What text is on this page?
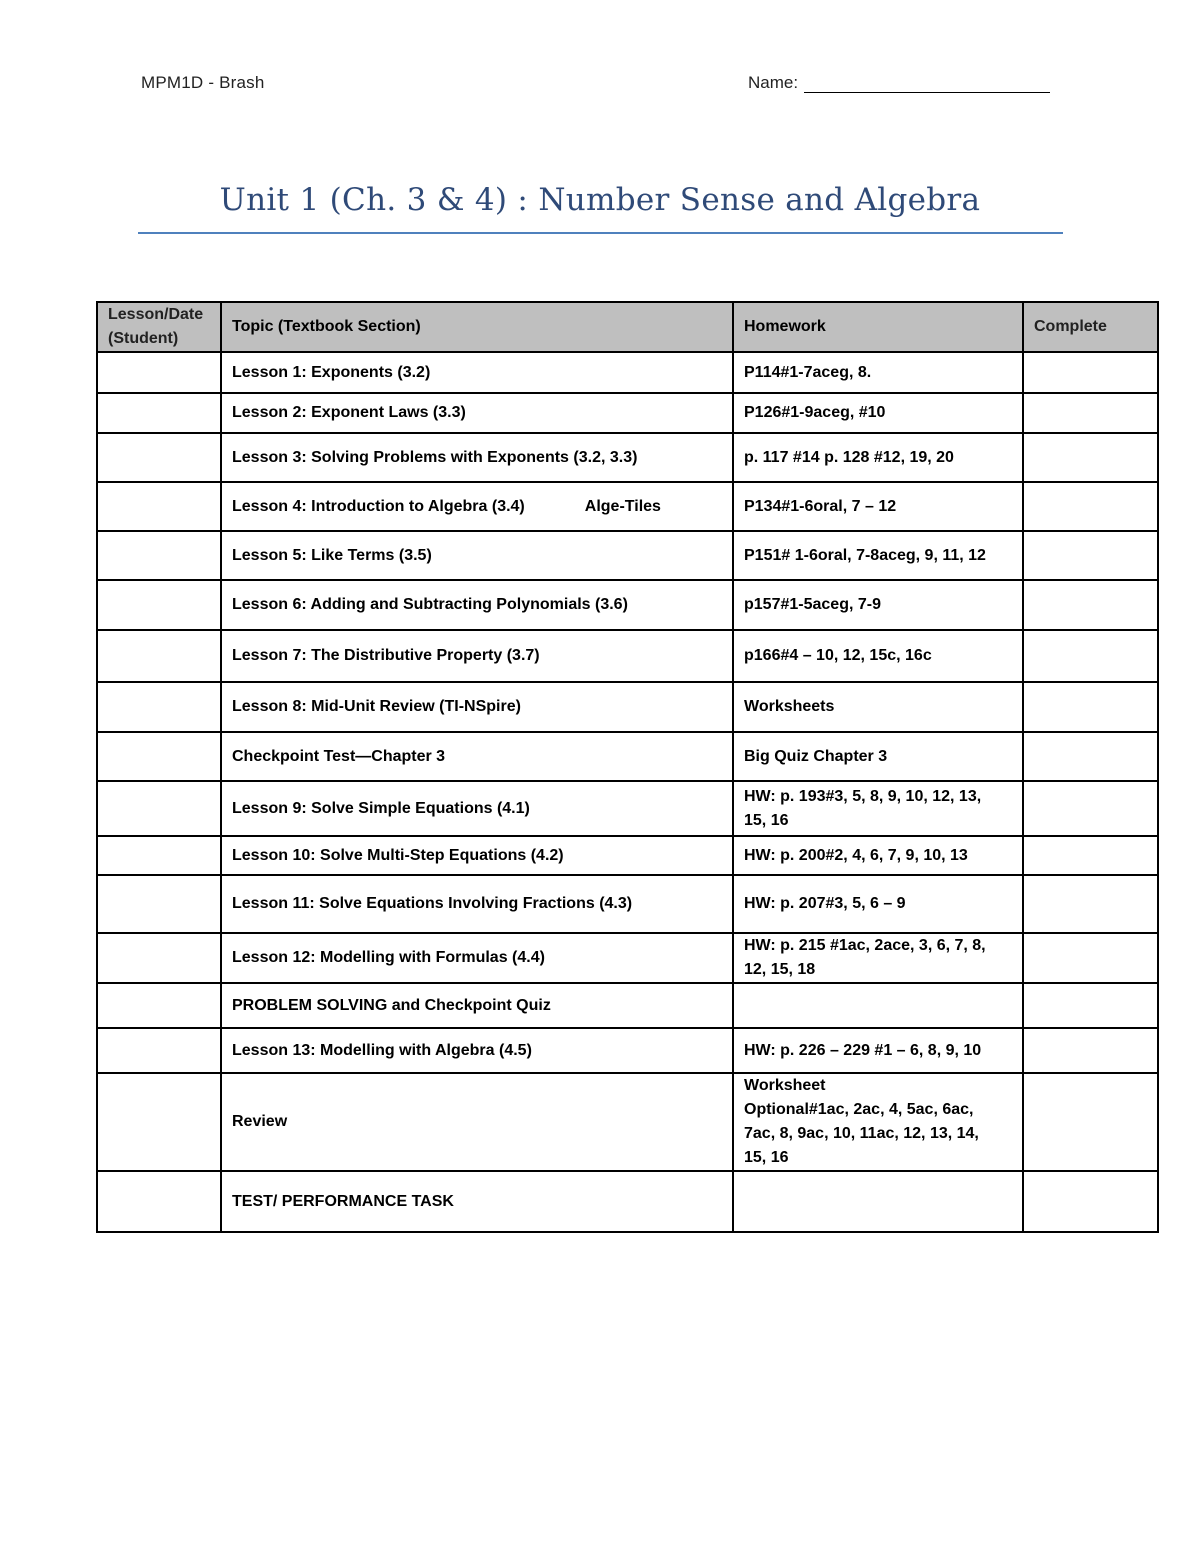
MPM1D - Brash	Name:
Unit 1 (Ch. 3 & 4) : Number Sense and Algebra
Lesson/Date (Student)	Topic (Textbook Section)	Homework	Complete
	Lesson 1: Exponents (3.2)	P114#1-7aceg, 8.	

	Lesson 2: Exponent Laws (3.3)	P126#1-9aceg, #10	

	Lesson 3: Solving Problems with Exponents (3.2, 3.3)	p. 117 #14 p. 128 #12, 19, 20	

	Lesson 4: Introduction to Algebra (3.4) Alge-Tiles	P134#1-6oral, 7 – 12	

	Lesson 5: Like Terms (3.5)	P151# 1-6oral, 7-8aceg, 9, 11, 12	

	Lesson 6: Adding and Subtracting Polynomials (3.6)	p157#1-5aceg, 7-9	

	Lesson 7: The Distributive Property (3.7)	p166#4 – 10, 12, 15c, 16c	

	Lesson 8: Mid-Unit Review (TI-NSpire)	Worksheets	

	Checkpoint Test—Chapter 3	Big Quiz Chapter 3	

	Lesson 9: Solve Simple Equations (4.1)	HW: p. 193#3, 5, 8, 9, 10, 12, 13,
15, 16	

	Lesson 10: Solve Multi-Step Equations (4.2)	HW: p. 200#2, 4, 6, 7, 9, 10, 13	

	Lesson 11: Solve Equations Involving Fractions (4.3)	HW: p. 207#3, 5, 6 – 9	

	Lesson 12: Modelling with Formulas (4.4)	HW: p. 215 #1ac, 2ace, 3, 6, 7, 8,
12, 15, 18	

	PROBLEM SOLVING and Checkpoint Quiz		
	Lesson 13: Modelling with Algebra (4.5)	HW: p. 226 – 229 #1 – 6, 8, 9, 10	

	Review	Worksheet
Optional#1ac, 2ac, 4, 5ac, 6ac,
7ac, 8, 9ac, 10, 11ac, 12, 13, 14,
15, 16	

	TEST/ PERFORMANCE TASK		
